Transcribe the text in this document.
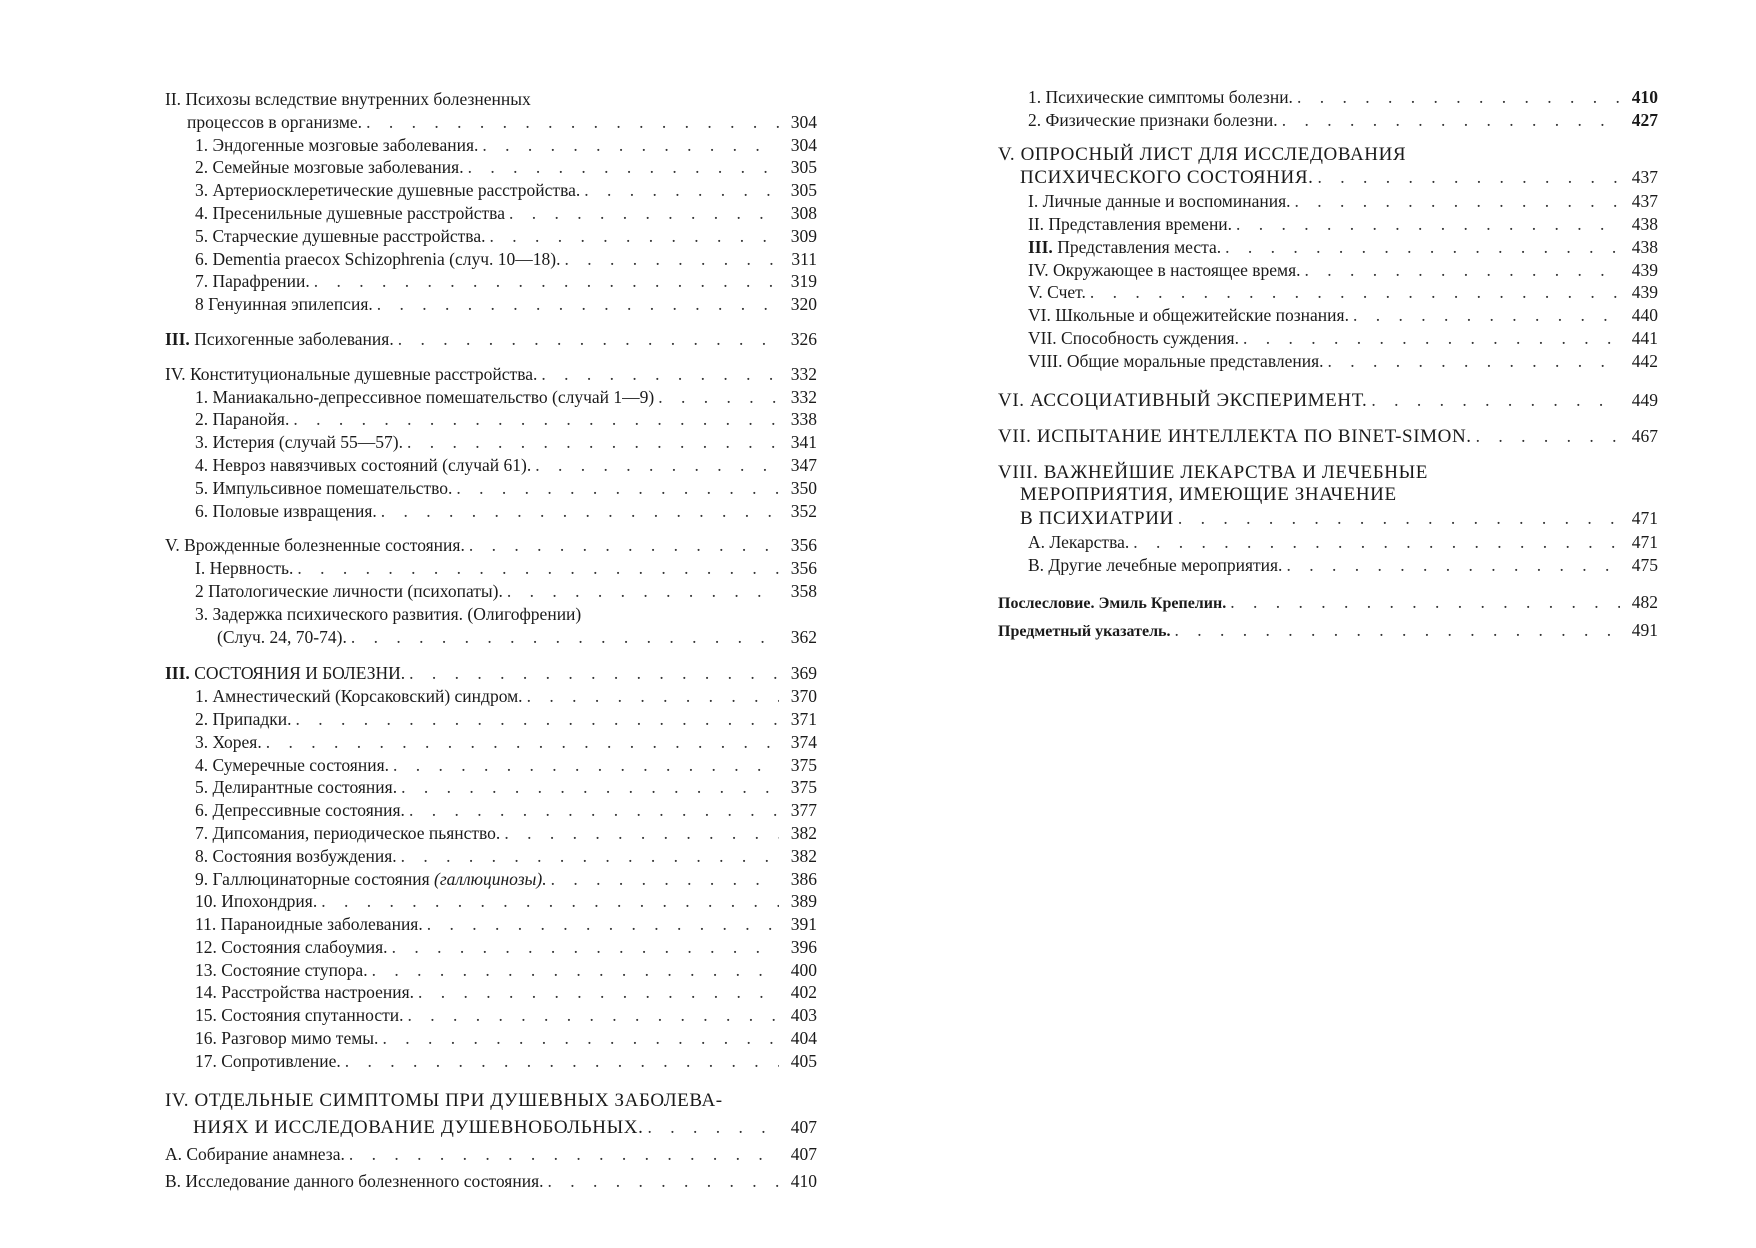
II. Психозы вследствие внутренних болезненных
процессов в организме. . . .	304
1. Эндогенные мозговые заболевания. . . .	304
2. Семейные мозговые заболевания. . . .	305
3. Артериосклеретические душевные расстройства. . . .	305
4. Пресенильные душевные расстройства . . .	308
5. Старческие душевные расстройства. . . .	309
6. Dementia praecox Schizophrenia (случ. 10—18). . . .	311
7. Парафрении. . . .	319
8 Генуинная эпилепсия. . . .	320
III. Психогенные заболевания. . . .	326
IV. Конституциональные душевные расстройства. . . .	332
1. Маниакально-депрессивное помешательство (случай 1—9) . . .	332
2. Паранойя. . . .	338
3. Истерия (случай 55—57). . . .	341
4. Невроз навязчивых состояний (случай 61). . . .	347
5. Импульсивное помешательство. . . .	350
6. Половые извращения. . . .	352
V. Врожденные болезненные состояния. . . .	356
I. Нервность. . . .	356
2 Патологические личности (психопаты). . . .	358
3. Задержка психического развития. (Олигофрении)
(Случ. 24, 70-74). . . .	362
III. СОСТОЯНИЯ И БОЛЕЗНИ. . . .	369
1. Амнестический (Корсаковский) синдром. . . .	370
2. Припадки. . . .	371
3. Хорея. . . .	374
4. Сумеречные состояния. . . .	375
5. Делирантные состояния. . . .	375
6. Депрессивные состояния. . . .	377
7. Дипсомания, периодическое пьянство. . . .	382
8. Состояния возбуждения. . . .	382
9. Галлюцинаторные состояния (галлюцинозы). . . .	386
10. Ипохондрия. . . .	389
11. Параноидные заболевания. . . .	391
12. Состояния слабоумия. . . .	396
13. Состояние ступора. . . .	400
14. Расстройства настроения. . . .	402
15. Состояния спутанности. . . .	403
16. Разговор мимо темы. . . .	404
17. Сопротивление. . . .	405
IV. ОТДЕЛЬНЫЕ СИМПТОМЫ ПРИ ДУШЕВНЫХ ЗАБОЛЕВА-
НИЯХ И ИССЛЕДОВАНИЕ ДУШЕВНОБОЛЬНЫХ. . . .	407
А. Собирание анамнеза. . . .	407
В. Исследование данного болезненного состояния. . . .	410
1. Психические симптомы болезни. . . .	410
2. Физические признаки болезни. . . .	427
V. ОПРОСНЫЙ ЛИСТ ДЛЯ ИССЛЕДОВАНИЯ
ПСИХИЧЕСКОГО СОСТОЯНИЯ. . . .	437
I. Личные данные и воспоминания. . . .	437
II. Представления времени. . . .	438
III. Представления места. . . .	438
IV. Окружающее в настоящее время. . . .	439
V. Счет. . . .	439
VI. Школьные и общежитейские познания. . . .	440
VII. Способность суждения. . . .	441
VIII. Общие моральные представления. . . .	442
VI. АССОЦИАТИВНЫЙ ЭКСПЕРИМЕНТ. . . .	449
VII. ИСПЫТАНИЕ ИНТЕЛЛЕКТА ПО BINET-SIMON. . . .	467
VIII. ВАЖНЕЙШИЕ ЛЕКАРСТВА И ЛЕЧЕБНЫЕ
МЕРОПРИЯТИЯ, ИМЕЮЩИЕ ЗНАЧЕНИЕ
В ПСИХИАТРИИ . . .	471
А. Лекарства. . . .	471
В. Другие лечебные мероприятия. . . .	475
Послесловие. Эмиль Крепелин. . . .	482
Предметный указатель. . . .	491
